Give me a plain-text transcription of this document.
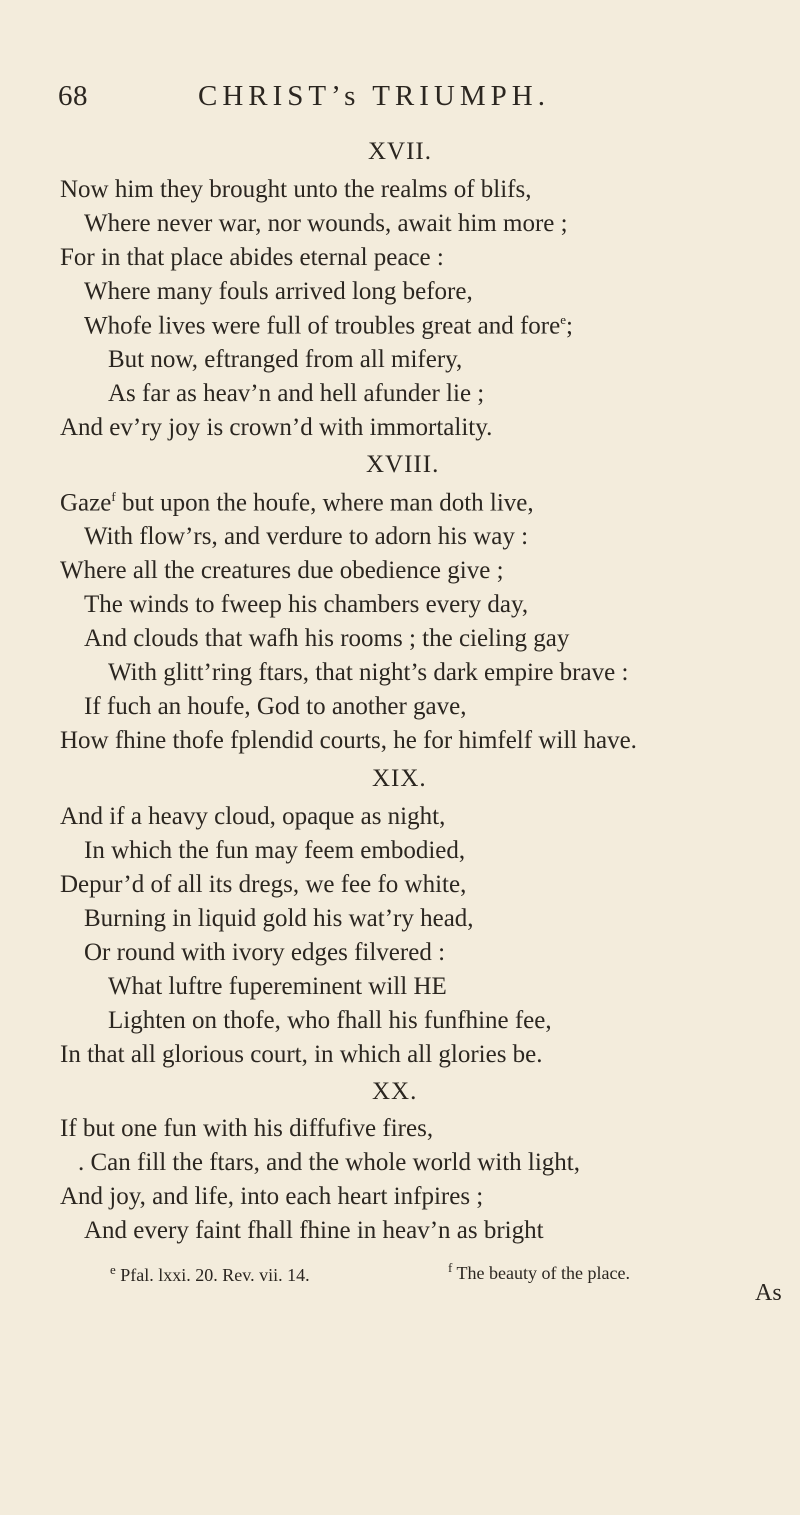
68	CHRIST’s TRIUMPH.
XVII.
Now him they brought unto the realms of blifs,
Where never war, nor wounds, await him more ;
For in that place abides eternal peace :
Where many fouls arrived long before,
Whofe lives were full of troubles great and fore$^e$;
But now, eftranged from all mifery,
As far as heav’n and hell afunder lie ;
And ev’ry joy is crown’d with immortality.
XVIII.
Gaze$^f$ but upon the houfe, where man doth live,
With flow’rs, and verdure to adorn his way :
Where all the creatures due obedience give ;
The winds to fweep his chambers every day,
And clouds that wafh his rooms ; the cieling gay
With glitt’ring ftars, that night’s dark empire brave :
If fuch an houfe, God to another gave,
How fhine thofe fplendid courts, he for himfelf will have.
XIX.
And if a heavy cloud, opaque as night,
In which the fun may feem embodied,
Depur’d of all its dregs, we fee fo white,
Burning in liquid gold his wat’ry head,
Or round with ivory edges filvered :
What luftre fupereminent will HE
Lighten on thofe, who fhall his funfhine fee,
In that all glorious court, in which all glories be.
XX.
If but one fun with his diffufive fires,
. Can fill the ftars, and the whole world with light,
And joy, and life, into each heart infpires ;
And every faint fhall fhine in heav’n as bright
$^e$ Pfal. lxxi. 20. Rev. vii. 14.	$^f$ The beauty of the place.
As
